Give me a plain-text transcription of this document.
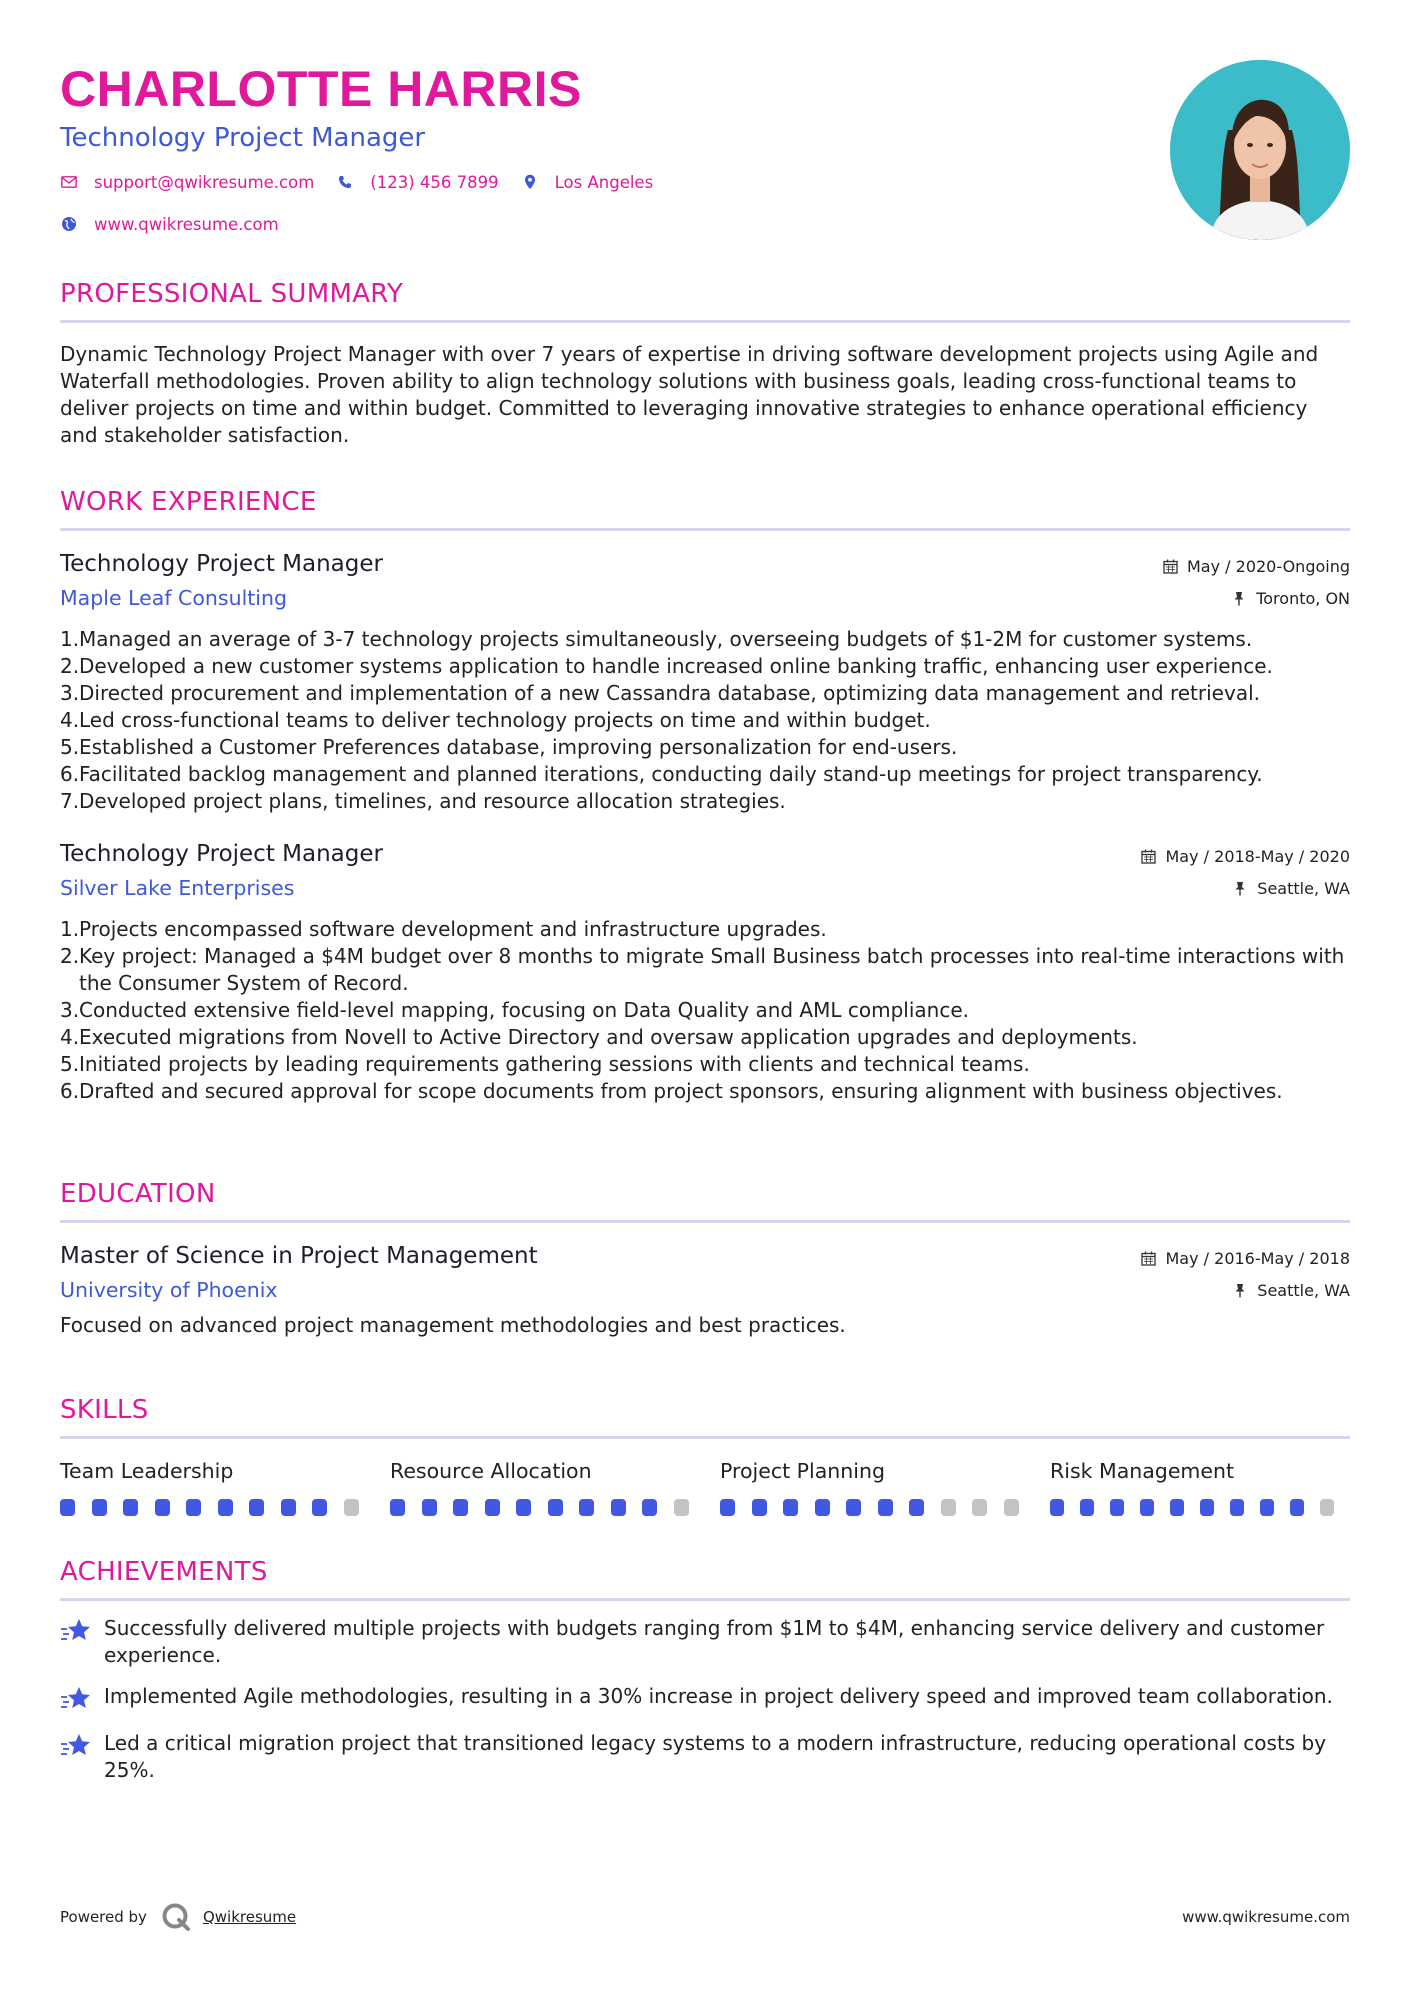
CHARLOTTE HARRIS
Technology Project Manager
support@qwikresume.com	(123) 456 7899	Los Angeles
www.qwikresume.com
PROFESSIONAL SUMMARY
Dynamic Technology Project Manager with over 7 years of expertise in driving software development projects using Agile and Waterfall methodologies. Proven ability to align technology solutions with business goals, leading cross-functional teams to deliver projects on time and within budget. Committed to leveraging innovative strategies to enhance operational efficiency and stakeholder satisfaction.
WORK EXPERIENCE
Technology Project Manager
Maple Leaf Consulting
May / 2020-Ongoing
Toronto, ON
1. Managed an average of 3-7 technology projects simultaneously, overseeing budgets of $1-2M for customer systems.
2. Developed a new customer systems application to handle increased online banking traffic, enhancing user experience.
3. Directed procurement and implementation of a new Cassandra database, optimizing data management and retrieval.
4. Led cross-functional teams to deliver technology projects on time and within budget.
5. Established a Customer Preferences database, improving personalization for end-users.
6. Facilitated backlog management and planned iterations, conducting daily stand-up meetings for project transparency.
7. Developed project plans, timelines, and resource allocation strategies.
Technology Project Manager
Silver Lake Enterprises
May / 2018-May / 2020
Seattle, WA
1. Projects encompassed software development and infrastructure upgrades.
2. Key project: Managed a $4M budget over 8 months to migrate Small Business batch processes into real-time interactions with the Consumer System of Record.
3. Conducted extensive field-level mapping, focusing on Data Quality and AML compliance.
4. Executed migrations from Novell to Active Directory and oversaw application upgrades and deployments.
5. Initiated projects by leading requirements gathering sessions with clients and technical teams.
6. Drafted and secured approval for scope documents from project sponsors, ensuring alignment with business objectives.
EDUCATION
Master of Science in Project Management
University of Phoenix
May / 2016-May / 2018
Seattle, WA
Focused on advanced project management methodologies and best practices.
SKILLS
Team Leadership	Resource Allocation	Project Planning	Risk Management
ACHIEVEMENTS
Successfully delivered multiple projects with budgets ranging from $1M to $4M, enhancing service delivery and customer experience.
Implemented Agile methodologies, resulting in a 30% increase in project delivery speed and improved team collaboration.
Led a critical migration project that transitioned legacy systems to a modern infrastructure, reducing operational costs by 25%.
Powered by	Qwikresume	www.qwikresume.com
